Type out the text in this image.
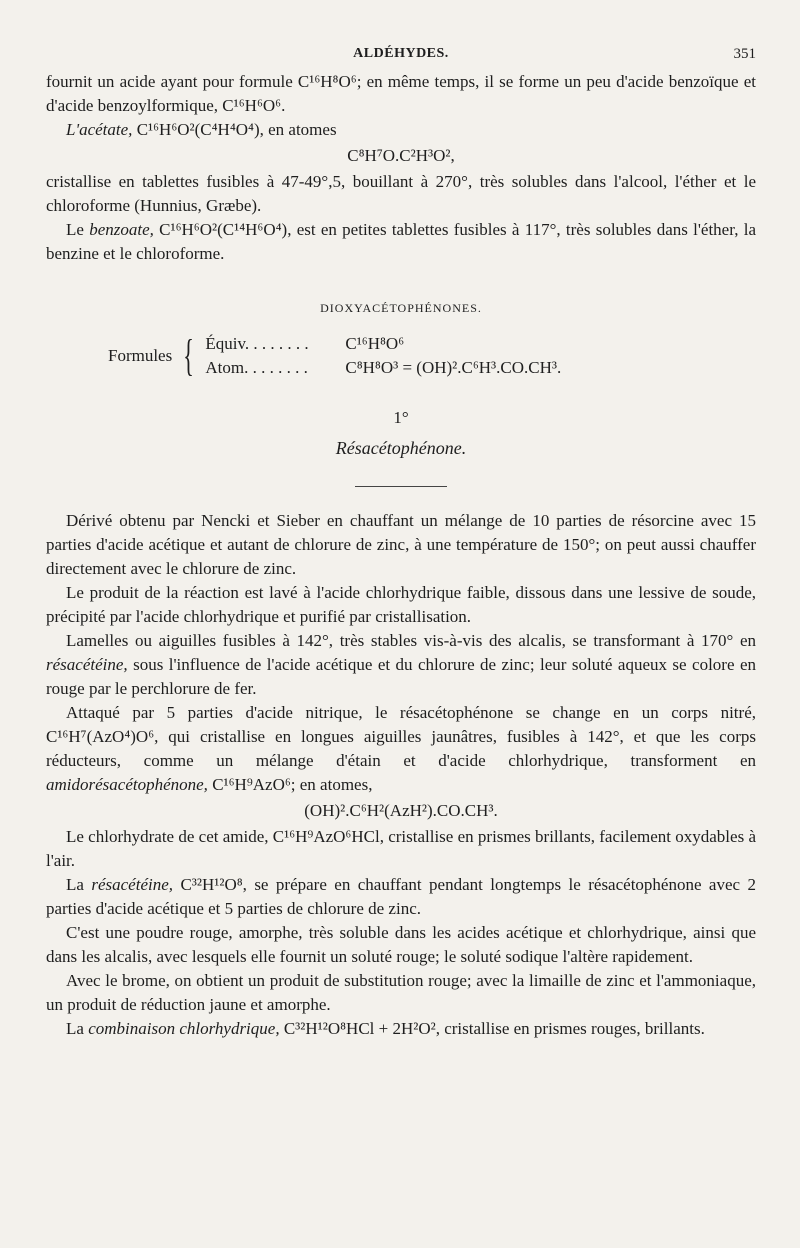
ALDÉHYDES.	351

fournit un acide ayant pour formule C¹⁶H⁸O⁶; en même temps, il se forme un peu d'acide benzoïque et d'acide benzoylformique, C¹⁶H⁶O⁶.

L'acétate, C¹⁶H⁶O²(C⁴H⁴O⁴), en atomes

C⁸H⁷O.C²H³O²,

cristallise en tablettes fusibles à 47-49°,5, bouillant à 270°, très solubles dans l'alcool, l'éther et le chloroforme (Hunnius, Græbe).

Le benzoate, C¹⁶H⁶O²(C¹⁴H⁶O⁴), est en petites tablettes fusibles à 117°, très solubles dans l'éther, la benzine et le chloroforme.

DIOXYACÉTOPHÉNONES.
Formules { Équiv. . . . . . . .	C¹⁶H⁸O⁶
Atom. . . . . . . .	C⁸H⁸O³ = (OH)².C⁶H³.CO.CH³.
1°
Résacétophénone.

Dérivé obtenu par Nencki et Sieber en chauffant un mélange de 10 parties de résorcine avec 15 parties d'acide acétique et autant de chlorure de zinc, à une température de 150°; on peut aussi chauffer directement avec le chlorure de zinc.

Le produit de la réaction est lavé à l'acide chlorhydrique faible, dissous dans une lessive de soude, précipité par l'acide chlorhydrique et purifié par cristallisation.

Lamelles ou aiguilles fusibles à 142°, très stables vis-à-vis des alcalis, se transformant à 170° en résacétéine, sous l'influence de l'acide acétique et du chlorure de zinc; leur soluté aqueux se colore en rouge par le perchlorure de fer.

Attaqué par 5 parties d'acide nitrique, le résacétophénone se change en un corps nitré, C¹⁶H⁷(AzO⁴)O⁶, qui cristallise en longues aiguilles jaunâtres, fusibles à 142°, et que les corps réducteurs, comme un mélange d'étain et d'acide chlorhydrique, transforment en amidorésacétophénone, C¹⁶H⁹AzO⁶; en atomes,

(OH)².C⁶H²(AzH²).CO.CH³.

Le chlorhydrate de cet amide, C¹⁶H⁹AzO⁶HCl, cristallise en prismes brillants, facilement oxydables à l'air.

La résacétéine, C³²H¹²O⁸, se prépare en chauffant pendant longtemps le résacétophénone avec 2 parties d'acide acétique et 5 parties de chlorure de zinc.

C'est une poudre rouge, amorphe, très soluble dans les acides acétique et chlorhydrique, ainsi que dans les alcalis, avec lesquels elle fournit un soluté rouge; le soluté sodique l'altère rapidement.

Avec le brome, on obtient un produit de substitution rouge; avec la limaille de zinc et l'ammoniaque, un produit de réduction jaune et amorphe.

La combinaison chlorhydrique, C³²H¹²O⁸HCl + 2H²O², cristallise en prismes rouges, brillants.
